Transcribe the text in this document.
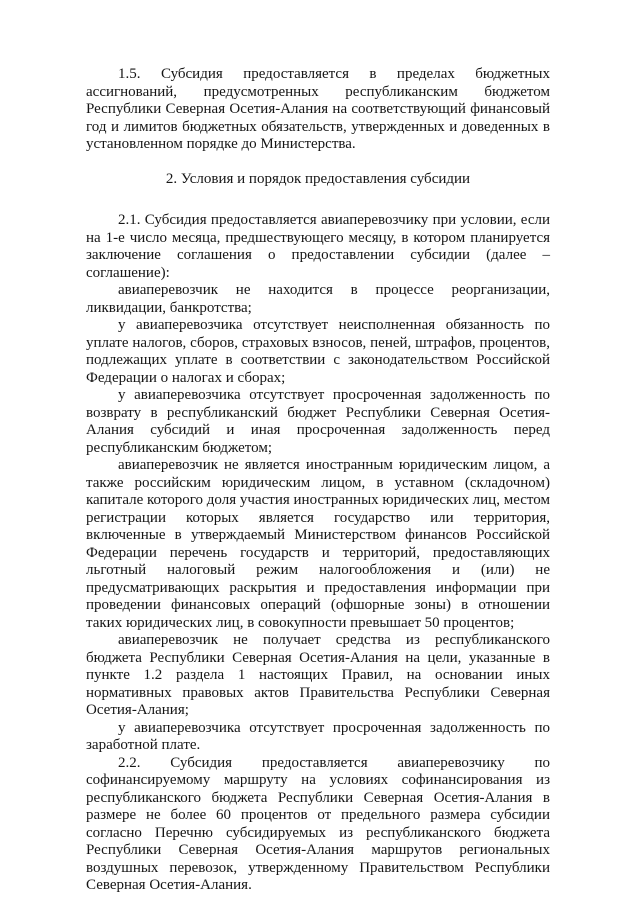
1.5. Субсидия предоставляется в пределах бюджетных ассигнований, предусмотренных республиканским бюджетом Республики Северная Осетия-Алания на соответствующий финансовый год и лимитов бюджетных обязательств, утвержденных и доведенных в установленном порядке до Министерства.

2. Условия и порядок предоставления субсидии

2.1. Субсидия предоставляется авиаперевозчику при условии, если на 1-е число месяца, предшествующего месяцу, в котором планируется заключение соглашения о предоставлении субсидии (далее – соглашение):

авиаперевозчик не находится в процессе реорганизации, ликвидации, банкротства;

у авиаперевозчика отсутствует неисполненная обязанность по уплате налогов, сборов, страховых взносов, пеней, штрафов, процентов, подлежащих уплате в соответствии с законодательством Российской Федерации о налогах и сборах;

у авиаперевозчика отсутствует просроченная задолженность по возврату в республиканский бюджет Республики Северная Осетия-Алания субсидий и иная просроченная задолженность перед республиканским бюджетом;

авиаперевозчик не является иностранным юридическим лицом, а также российским юридическим лицом, в уставном (складочном) капитале которого доля участия иностранных юридических лиц, местом регистрации которых является государство или территория, включенные в утверждаемый Министерством финансов Российской Федерации перечень государств и территорий, предоставляющих льготный налоговый режим налогообложения и (или) не предусматривающих раскрытия и предоставления информации при проведении финансовых операций (офшорные зоны) в отношении таких юридических лиц, в совокупности превышает 50 процентов;

авиаперевозчик не получает средства из республиканского бюджета Республики Северная Осетия-Алания на цели, указанные в пункте 1.2 раздела 1 настоящих Правил, на основании иных нормативных правовых актов Правительства Республики Северная Осетия-Алания;

у авиаперевозчика отсутствует просроченная задолженность по заработной плате.

2.2. Субсидия предоставляется авиаперевозчику по софинансируемому маршруту на условиях софинансирования из республиканского бюджета Республики Северная Осетия-Алания в размере не более 60 процентов от предельного размера субсидии согласно Перечню субсидируемых из республиканского бюджета Республики Северная Осетия-Алания маршрутов региональных воздушных перевозок, утвержденному Правительством Республики Северная Осетия-Алания.
